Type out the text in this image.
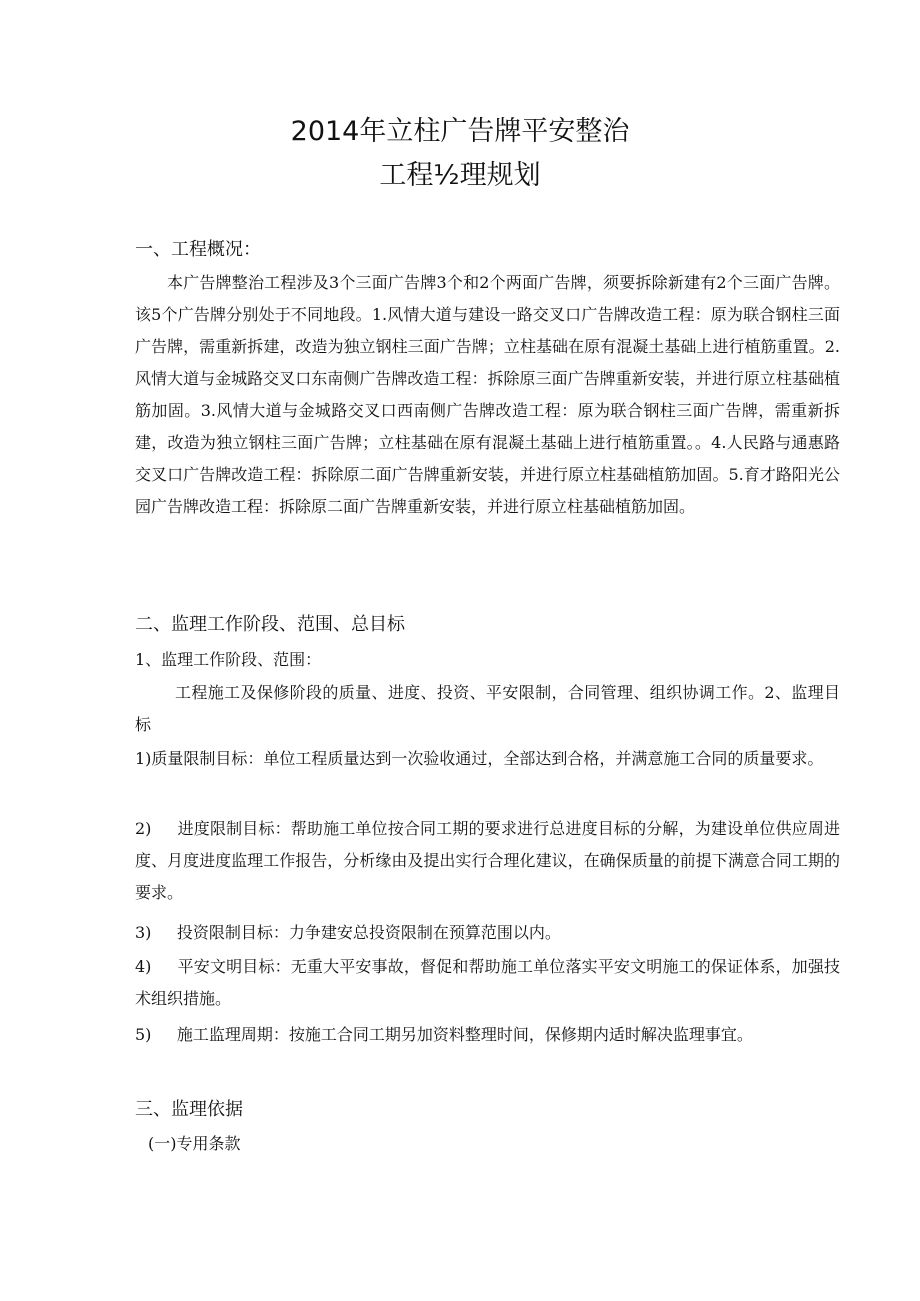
2014年立柱广告牌平安整治
工程½理规划
一、工程概况：
本广告牌整治工程涉及3个三面广告牌3个和2个两面广告牌，须要拆除新建有2个三面广告牌。该5个广告牌分别处于不同地段。1.风情大道与建设一路交叉口广告牌改造工程：原为联合钢柱三面广告牌，需重新拆建，改造为独立钢柱三面广告牌；立柱基础在原有混凝土基础上进行植筋重置。2.风情大道与金城路交叉口东南侧广告牌改造工程：拆除原三面广告牌重新安装，并进行原立柱基础植筋加固。3.风情大道与金城路交叉口西南侧广告牌改造工程：原为联合钢柱三面广告牌，需重新拆建，改造为独立钢柱三面广告牌；立柱基础在原有混凝土基础上进行植筋重置。。4.人民路与通惠路交叉口广告牌改造工程：拆除原二面广告牌重新安装，并进行原立柱基础植筋加固。5.育才路阳光公园广告牌改造工程：拆除原二面广告牌重新安装，并进行原立柱基础植筋加固。
二、监理工作阶段、范围、总目标
1、监理工作阶段、范围：
工程施工及保修阶段的质量、进度、投资、平安限制，合同管理、组织协调工作。2、监理目标
1)质量限制目标：单位工程质量达到一次验收通过，全部达到合格，并满意施工合同的质量要求。
2)     进度限制目标：帮助施工单位按合同工期的要求进行总进度目标的分解，为建设单位供应周进度、月度进度监理工作报告，分析缘由及提出实行合理化建议，在确保质量的前提下满意合同工期的要求。
3)     投资限制目标：力争建安总投资限制在预算范围以内。
4)     平安文明目标：无重大平安事故，督促和帮助施工单位落实平安文明施工的保证体系，加强技术组织措施。
5)     施工监理周期：按施工合同工期另加资料整理时间，保修期内适时解决监理事宜。
三、监理依据
(一)专用条款
